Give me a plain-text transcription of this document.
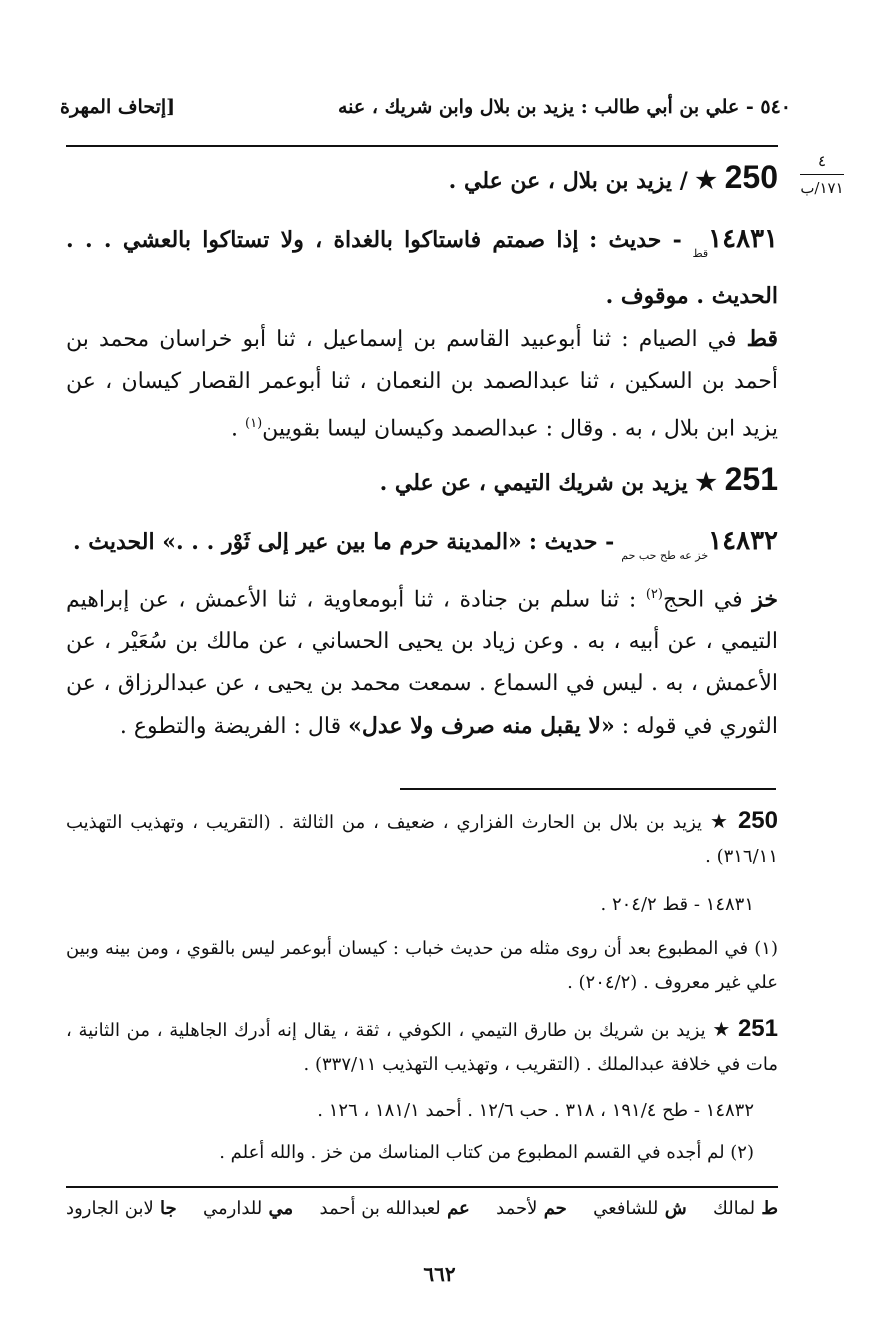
٥٤٠ - علي بن أبي طالب : يزيد بن بلال وابن شريك ، عنه
[إتحاف المهرة
٤
١٧١/ب
250 ★ / يزيد بن بلال ، عن علي .
$١٤٨٣١_{قط}$ - حديث : إذا صمتم فاستاكوا بالغداة ، ولا تستاكوا بالعشي . . . الحديث . موقوف .
قط في الصيام : ثنا أبوعبيد القاسم بن إسماعيل ، ثنا أبو خراسان محمد بن أحمد بن السكين ، ثنا عبدالصمد بن النعمان ، ثنا أبوعمر القصار كيسان ، عن يزيد ابن بلال ، به . وقال : عبدالصمد وكيسان ليسا بقويين$^{(١)}$ .
251 ★ يزيد بن شريك التيمي ، عن علي .
$١٤٨٣٢_{خز عه طح حب حم}$ - حديث : «المدينة حرم ما بين عير إلى ثَوْر . . .» الحديث .
خز في الحج$^{(٢)}$ : ثنا سلم بن جنادة ، ثنا أبومعاوية ، ثنا الأعمش ، عن إبراهيم التيمي ، عن أبيه ، به . وعن زياد بن يحيى الحساني ، عن مالك بن سُعَيْر ، عن الأعمش ، به . ليس في السماع . سمعت محمد بن يحيى ، عن عبدالرزاق ، عن الثوري في قوله : «لا يقبل منه صرف ولا عدل» قال : الفريضة والتطوع .
250 ★ يزيد بن بلال بن الحارث الفزاري ، ضعيف ، من الثالثة . (التقريب ، وتهذيب التهذيب ٣١٦/١١) .
١٤٨٣١ - قط ٢٠٤/٢ .
(١) في المطبوع بعد أن روى مثله من حديث خباب : كيسان أبوعمر ليس بالقوي ، ومن بينه وبين علي غير معروف . (٢٠٤/٢) .
251 ★ يزيد بن شريك بن طارق التيمي ، الكوفي ، ثقة ، يقال إنه أدرك الجاهلية ، من الثانية ، مات في خلافة عبدالملك . (التقريب ، وتهذيب التهذيب ٣٣٧/١١) .
١٤٨٣٢ - طح ١٩١/٤ ، ٣١٨ . حب ١٢/٦ . أحمد ١٨١/١ ، ١٢٦ .
(٢) لم أجده في القسم المطبوع من كتاب المناسك من خز . والله أعلم .
ط لمالك
ش للشافعي
حم لأحمد
عم لعبدالله بن أحمد
مي للدارمي
جا لابن الجارود
٦٦٢
